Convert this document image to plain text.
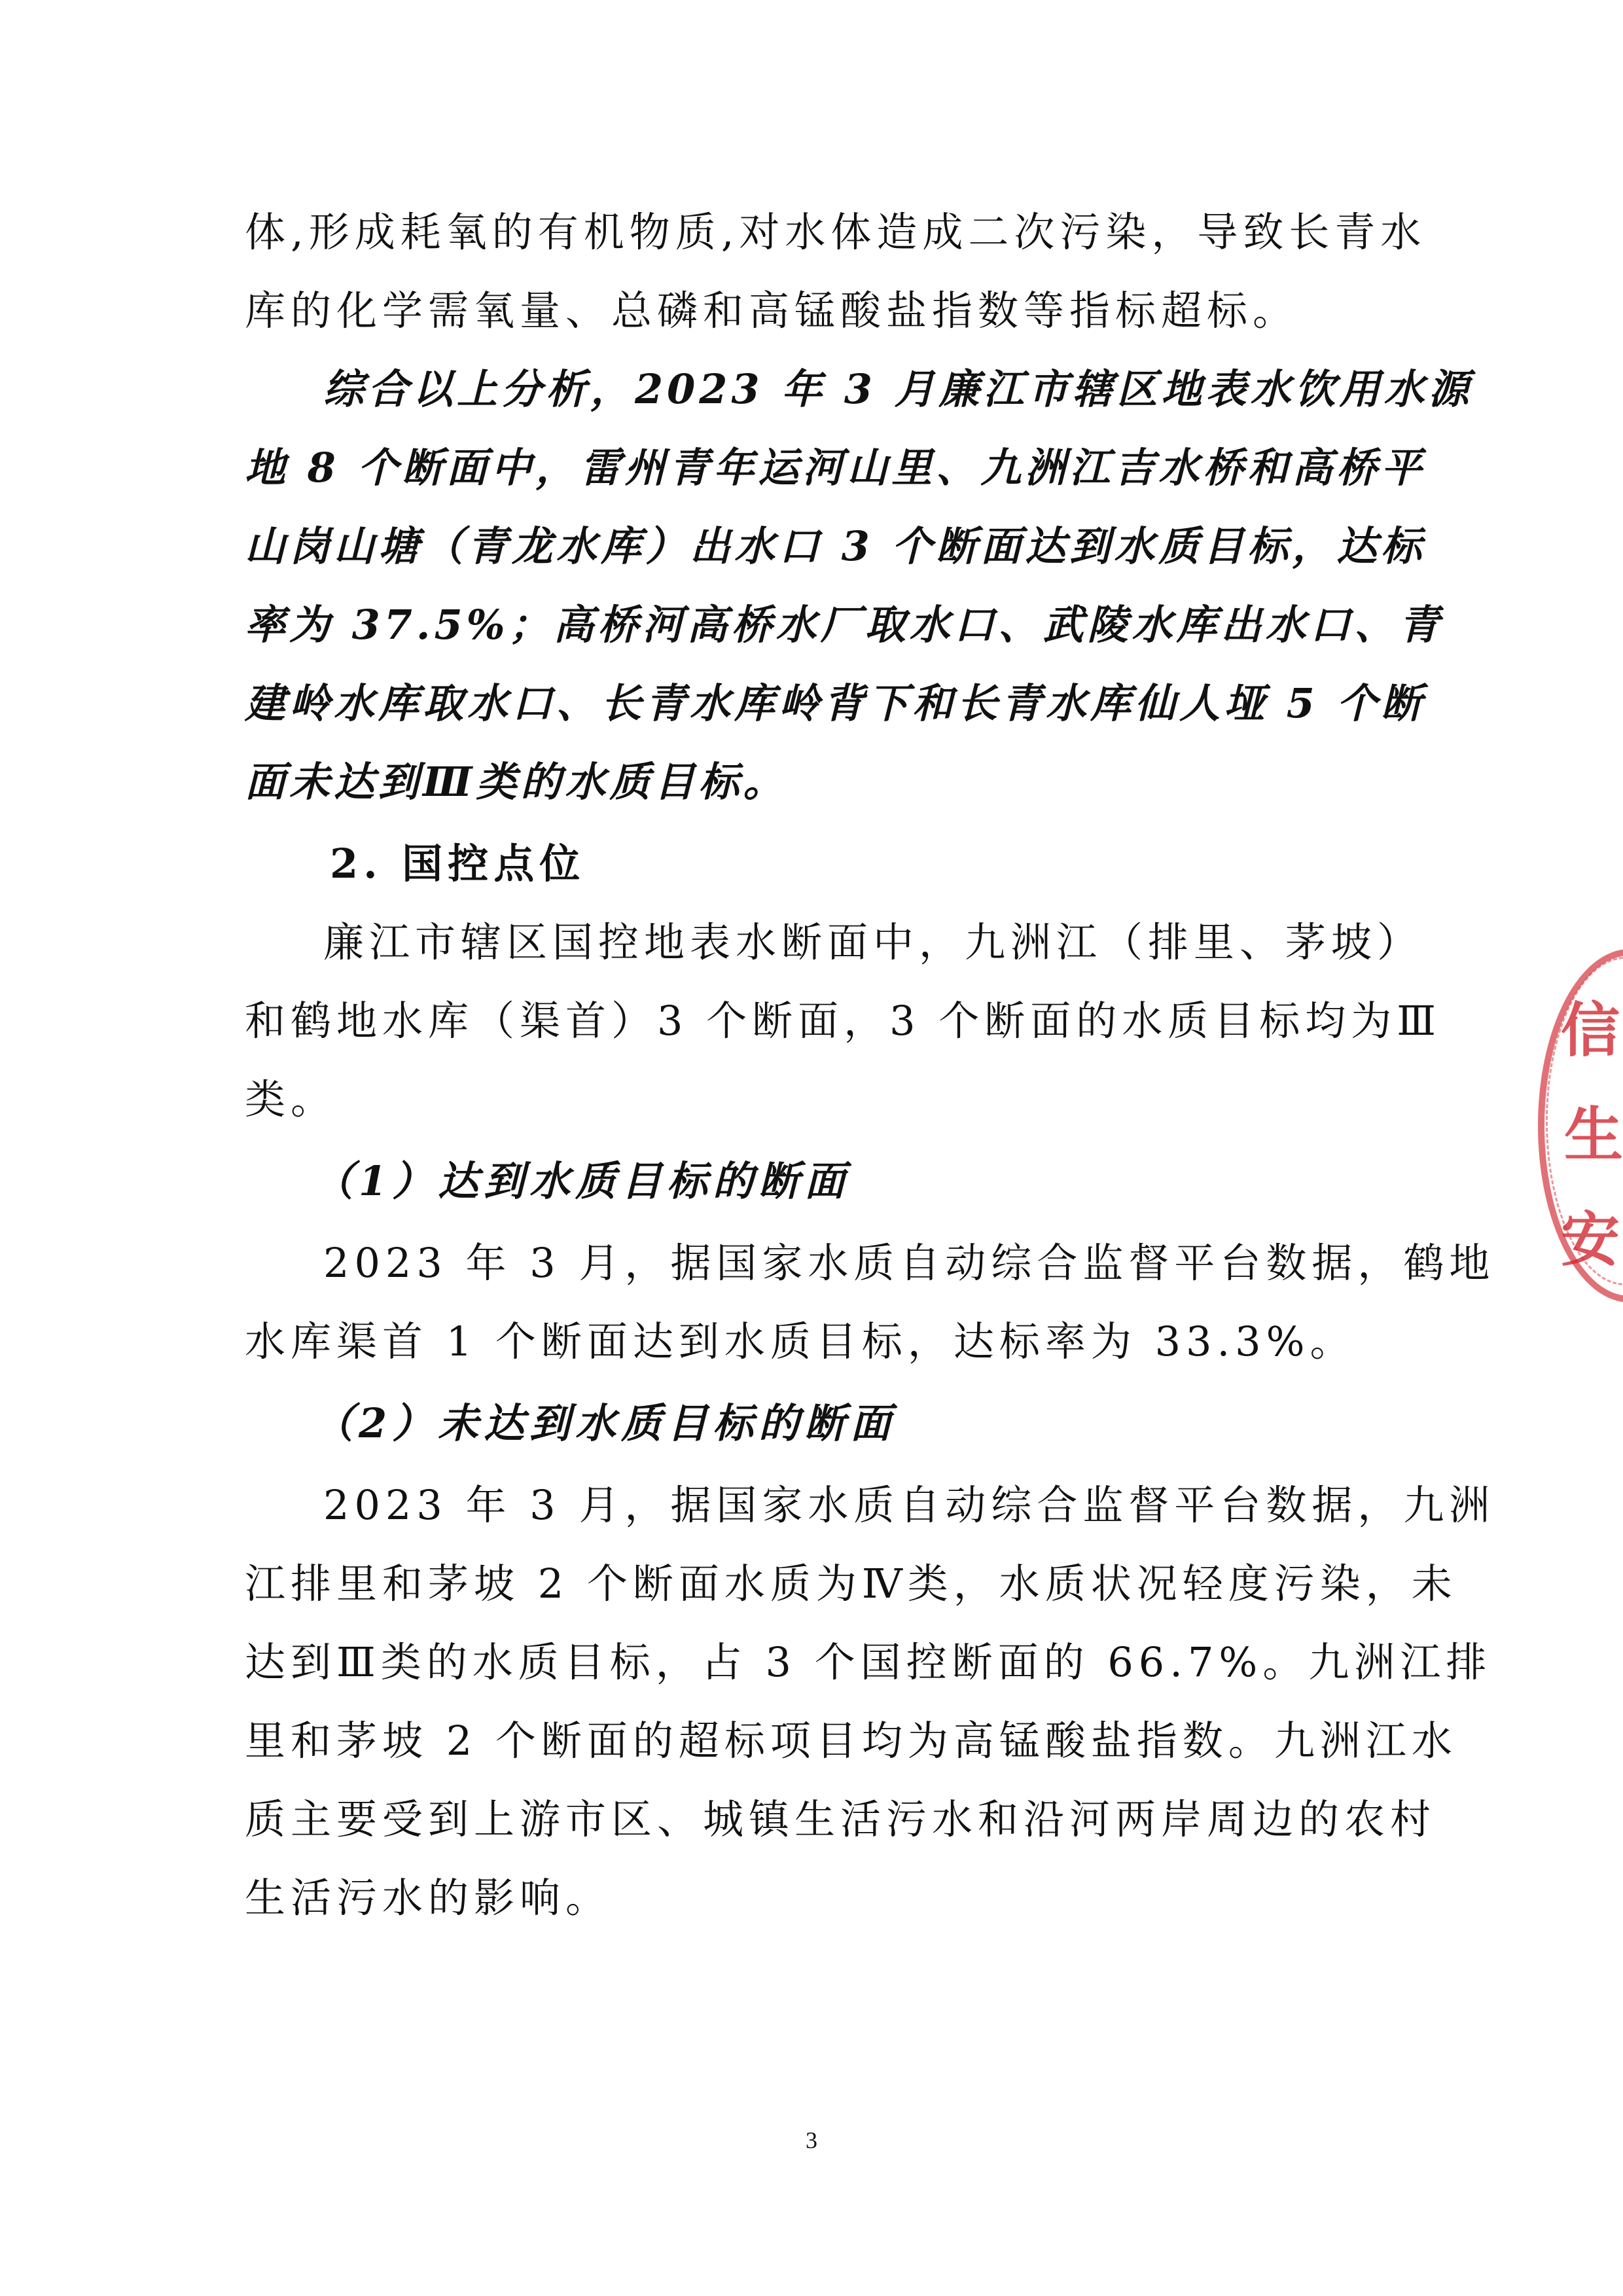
体,形成耗氧的有机物质,对水体造成二次污染，导致长青水
库的化学需氧量、总磷和高锰酸盐指数等指标超标。
综合以上分析，2023 年 3 月廉江市辖区地表水饮用水源
地 8 个断面中，雷州青年运河山里、九洲江吉水桥和高桥平
山岗山塘（青龙水库）出水口 3 个断面达到水质目标，达标
率为 37.5%；高桥河高桥水厂取水口、武陵水库出水口、青
建岭水库取水口、长青水库岭背下和长青水库仙人垭 5 个断
面未达到Ⅲ类的水质目标。
2. 国控点位
廉江市辖区国控地表水断面中，九洲江（排里、茅坡）
和鹤地水库（渠首）3 个断面，3 个断面的水质目标均为Ⅲ
类。
（1）达到水质目标的断面
2023 年 3 月，据国家水质自动综合监督平台数据，鹤地
水库渠首 1 个断面达到水质目标，达标率为 33.3%。
（2）未达到水质目标的断面
2023 年 3 月，据国家水质自动综合监督平台数据，九洲
江排里和茅坡 2 个断面水质为Ⅳ类，水质状况轻度污染，未
达到Ⅲ类的水质目标，占 3 个国控断面的 66.7%。九洲江排
里和茅坡 2 个断面的超标项目均为高锰酸盐指数。九洲江水
质主要受到上游市区、城镇生活污水和沿河两岸周边的农村
生活污水的影响。
3
信
生
安
